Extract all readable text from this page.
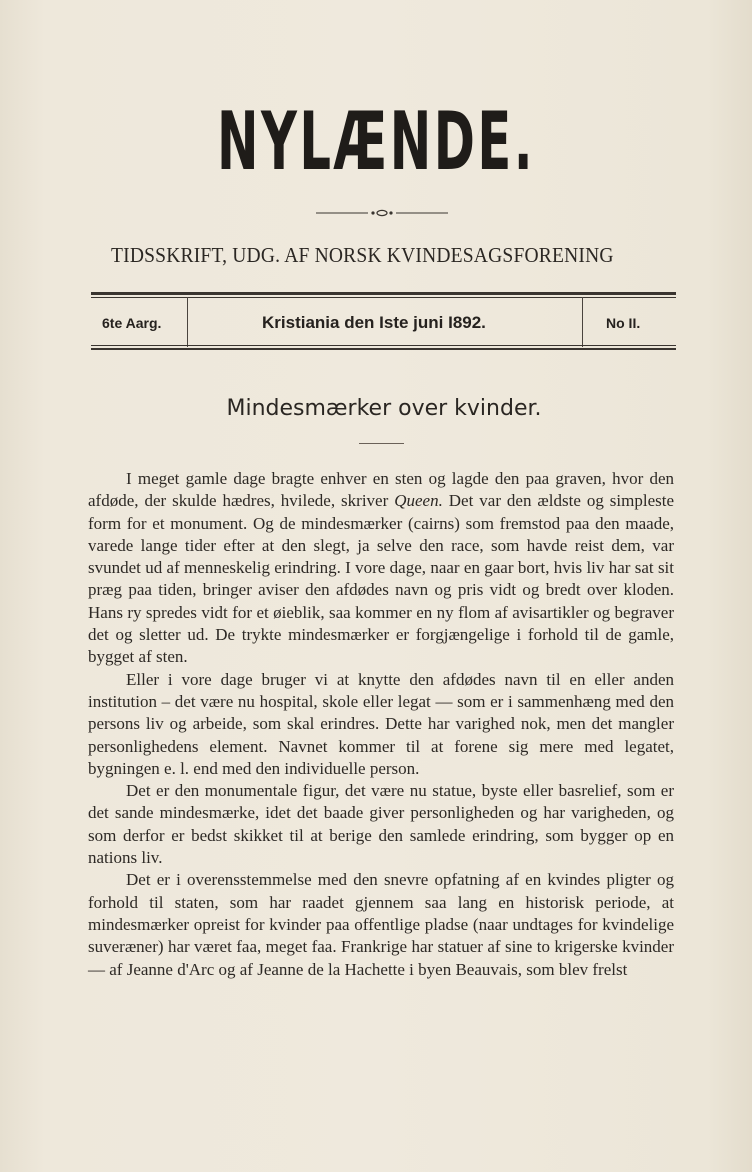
NYLÆNDE.
TIDSSKRIFT, UDG. AF NORSK KVINDESAGSFORENING
6te Aarg.	Kristiania den Iste juni I892.	No II.
Mindesmærker over kvinder.

I meget gamle dage bragte enhver en sten og lagde den paa graven, hvor den afdøde, der skulde hædres, hvilede, skriver Queen. Det var den ældste og simpleste form for et monument. Og de mindesmærker (cairns) som fremstod paa den maade, varede lange tider efter at den slegt, ja selve den race, som havde reist dem, var svundet ud af menneskelig erindring. I vore dage, naar en gaar bort, hvis liv har sat sit præg paa tiden, bringer aviser den afdødes navn og pris vidt og bredt over kloden. Hans ry spredes vidt for et øieblik, saa kommer en ny flom af avisartikler og begraver det og sletter ud. De trykte mindesmærker er forgjængelige i forhold til de gamle, bygget af sten.

Eller i vore dage bruger vi at knytte den afdødes navn til en eller anden institution – det være nu hospital, skole eller legat — som er i sammenhæng med den persons liv og arbeide, som skal erindres. Dette har varighed nok, men det mangler personlighedens element. Navnet kommer til at forene sig mere med legatet, bygningen e. l. end med den individuelle person.

Det er den monumentale figur, det være nu statue, byste eller basrelief, som er det sande mindesmærke, idet det baade giver personligheden og har varigheden, og som derfor er bedst skikket til at berige den samlede erindring, som bygger op en nations liv.

Det er i overensstemmelse med den snevre opfatning af en kvindes pligter og forhold til staten, som har raadet gjennem saa lang en historisk periode, at mindesmærker opreist for kvinder paa offentlige pladse (naar undtages for kvindelige suveræner) har været faa, meget faa. Frankrige har statuer af sine to krigerske kvinder — af Jeanne d'Arc og af Jeanne de la Hachette i byen Beauvais, som blev frelst
